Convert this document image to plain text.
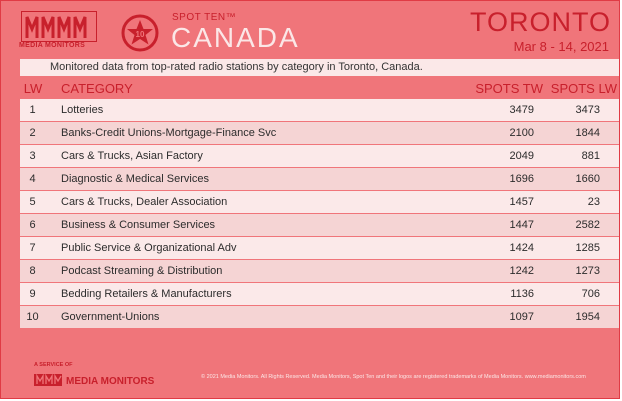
MEDIA MONITORS
10
SPOT TEN™
CANADA	TORONTO
Mar 8 - 14, 2021
Monitored data from top-rated radio stations by category in Toronto, Canada.
LW CATEGORY	SPOTS TW SPOTS LW
1	Lotteries	3479	3473
2	Banks-Credit Unions-Mortgage-Finance Svc	2100	1844
3	Cars & Trucks, Asian Factory	2049	881
4	Diagnostic & Medical Services	1696	1660
5	Cars & Trucks, Dealer Association	1457	23
6	Business & Consumer Services	1447	2582
7	Public Service & Organizational Adv	1424	1285
8	Podcast Streaming & Distribution	1242	1273
9	Bedding Retailers & Manufacturers	1136	706
10	Government-Unions	1097	1954
A SERVICE OF
MEDIA MONITORS	© 2021 Media Monitors. All Rights Reserved. Media Monitors, Spot Ten and their logos are registered trademarks of Media Monitors. www.mediamonitors.com
